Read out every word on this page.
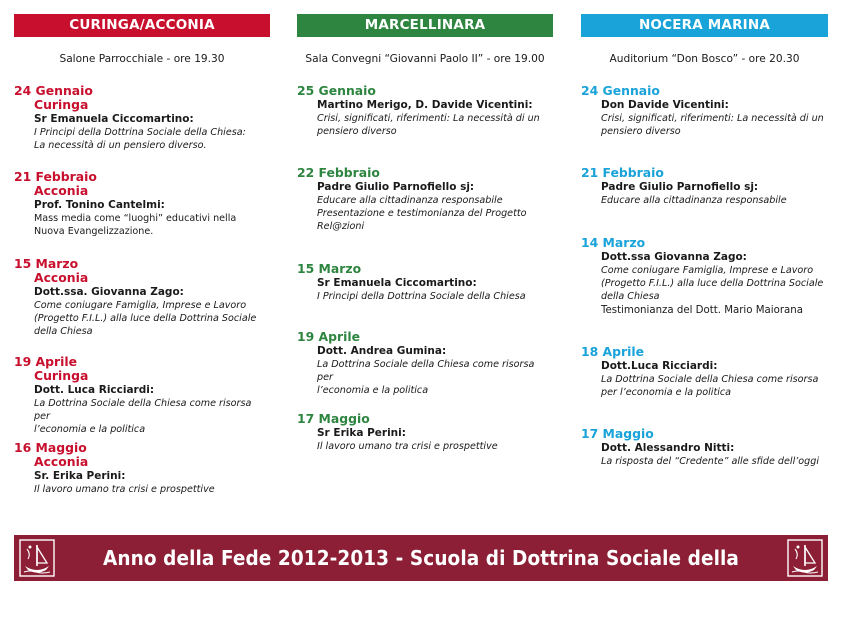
CURINGA/ACCONIA
Salone Parrocchiale - ore 19.30
24 Gennaio
Curinga
Sr Emanuela Ciccomartino:
I Principi della Dottrina Sociale della Chiesa:
La necessità di un pensiero diverso.
21 Febbraio
Acconia
Prof. Tonino Cantelmi:
Mass media come “luoghi” educativi nella
Nuova Evangelizzazione.
15 Marzo
Acconia
Dott.ssa. Giovanna Zago:
Come coniugare Famiglia, Imprese e Lavoro
(Progetto F.I.L.) alla luce della Dottrina Sociale
della Chiesa
19 Aprile
Curinga
Dott. Luca Ricciardi:
La Dottrina Sociale della Chiesa come risorsa per
l’economia e la politica
16 Maggio
Acconia
Sr. Erika Perini:
Il lavoro umano tra crisi e prospettive
MARCELLINARA
Sala Convegni “Giovanni Paolo II” - ore 19.00
25 Gennaio
Martino Merigo, D. Davide Vicentini:
Crisi, significati, riferimenti: La necessità di un
pensiero diverso
22 Febbraio
Padre Giulio Parnofiello sj:
Educare alla cittadinanza responsabile
Presentazione e testimonianza del Progetto
Rel@zioni
15 Marzo
Sr Emanuela Ciccomartino:
I Principi della Dottrina Sociale della Chiesa
19 Aprile
Dott. Andrea Gumina:
La Dottrina Sociale della Chiesa come risorsa per
l’economia e la politica
17 Maggio
Sr Erika Perini:
Il lavoro umano tra crisi e prospettive
NOCERA MARINA
Auditorium “Don Bosco” - ore 20.30
24 Gennaio
Don Davide Vicentini:
Crisi, significati, riferimenti: La necessità di un
pensiero diverso
21 Febbraio
Padre Giulio Parnofiello sj:
Educare alla cittadinanza responsabile
14 Marzo
Dott.ssa Giovanna Zago:
Come coniugare Famiglia, Imprese e Lavoro
(Progetto F.I.L.) alla luce della Dottrina Sociale
della Chiesa
Testimonianza del Dott. Mario Maiorana
18 Aprile
Dott.Luca Ricciardi:
La Dottrina Sociale della Chiesa come risorsa
per l’economia e la politica
17 Maggio
Dott. Alessandro Nitti:
La risposta del “Credente” alle sfide dell’oggi
Anno della Fede 2012-2013 - Scuola di Dottrina Sociale della Chiesa
